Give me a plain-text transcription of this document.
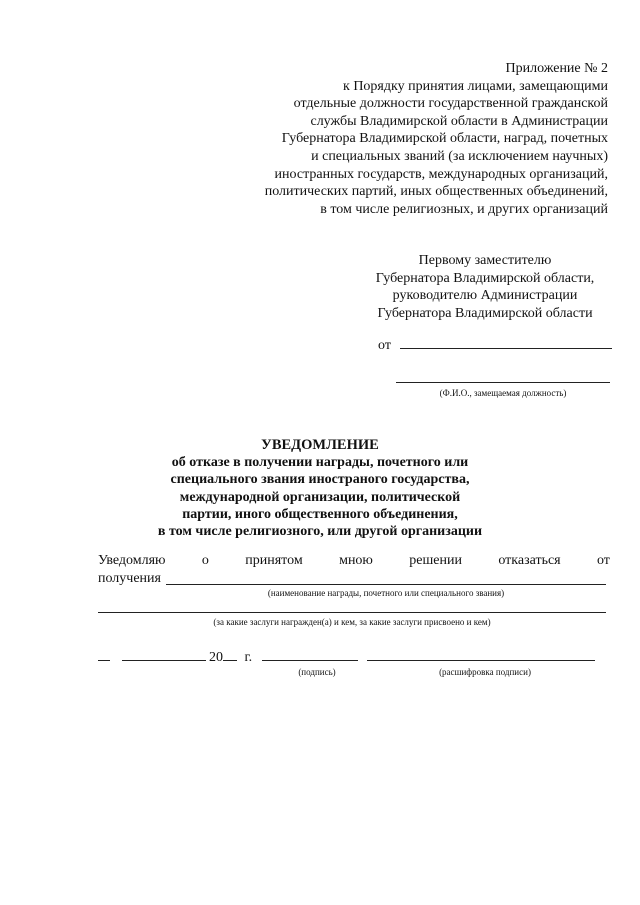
Приложение № 2
к Порядку принятия лицами, замещающими
отдельные должности государственной гражданской
службы Владимирской области в Администрации
Губернатора Владимирской области, наград, почетных
и специальных званий (за исключением научных)
иностранных государств, международных организаций,
политических партий, иных общественных объединений,
в том числе религиозных, и других организаций
Первому заместителю
Губернатора Владимирской области,
руководителю Администрации
Губернатора Владимирской области
от
(Ф.И.О., замещаемая должность)
УВЕДОМЛЕНИЕ
об отказе в получении награды, почетного или
специального звания иностраного государства,
международной организации, политической
партии, иного общественного объединения,
в том числе религиозного, или другой организации
Уведомляю	о	принятом	мною	решении	отказаться	от
получения
(наименование награды, почетного или специального звания)
(за какие заслуги награжден(а) и кем, за какие заслуги присвоено и кем)
20 г.
(подпись)	(расшифровка подписи)
